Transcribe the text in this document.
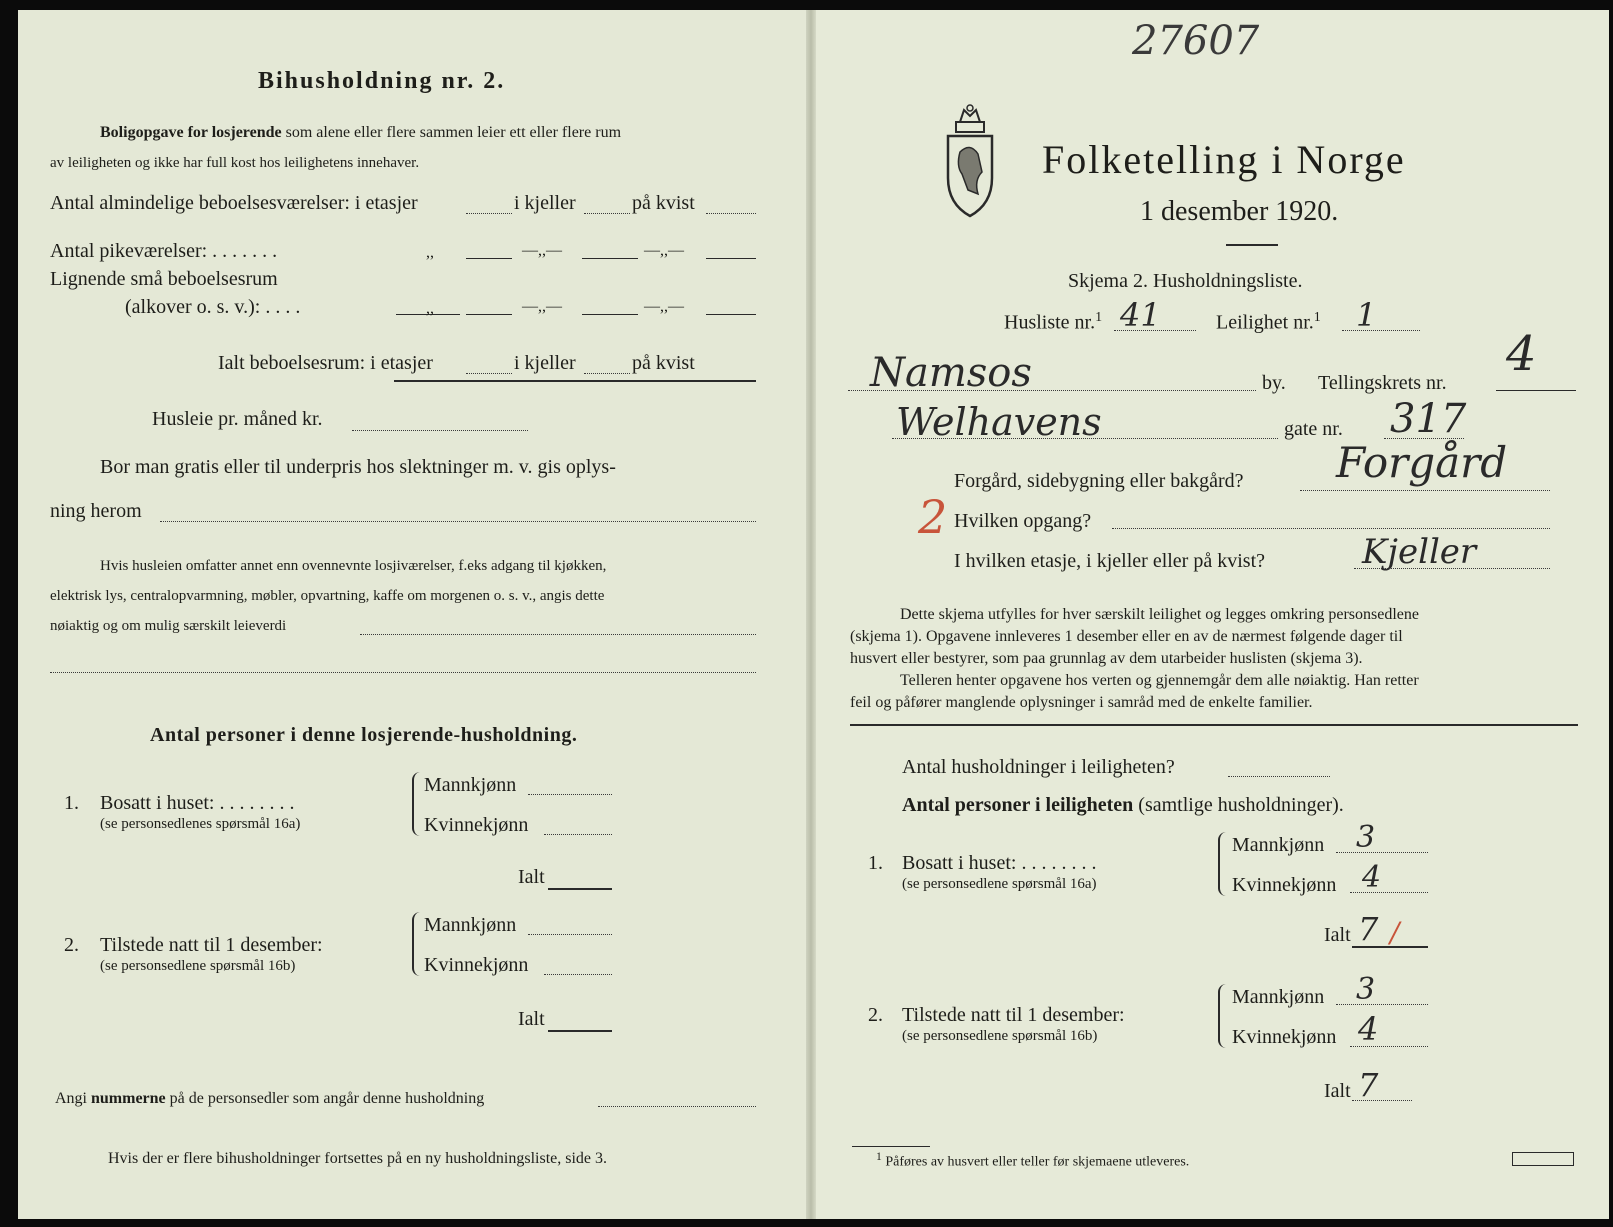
Bihusholdning nr. 2.
Boligopgave for losjerende som alene eller flere sammen leier ett eller flere rum
av leiligheten og ikke har full kost hos leilighetens innehaver.
Antal almindelige beboelsesværelser: i etasjer	i kjeller	på kvist
Antal pikeværelser: . . . . . . .	,,	—,,—	—,,—
Lignende små beboelsesrum
(alkover o. s. v.): . . . .	,,	—,,—	—,,—
Ialt beboelsesrum: i etasjer	i kjeller	på kvist
Husleie pr. måned kr.
Bor man gratis eller til underpris hos slektninger m. v. gis oplys-
ning herom
Hvis husleien omfatter annet enn ovennevnte losjiværelser, f.eks adgang til kjøkken,
elektrisk lys, centralopvarmning, møbler, opvartning, kaffe om morgenen o. s. v., angis dette
nøiaktig og om mulig særskilt leieverdi
Antal personer i denne losjerende-husholdning.
1. Bosatt i huset: . . . . . . . .
(se personsedlenes spørsmål 16a)
Mannkjønn
Kvinnekjønn
Ialt
2. Tilstede natt til 1 desember:
(se personsedlene spørsmål 16b)
Mannkjønn
Kvinnekjønn
Ialt
Angi nummerne på de personsedler som angår denne husholdning
Hvis der er flere bihusholdninger fortsettes på en ny husholdningsliste, side 3.
27607
Folketelling i Norge
1 desember 1920.
Skjema 2. Husholdningsliste.
Husliste nr.$^1$ 41	Leilighet nr.$^1$ 1
Namsos	by. Tellingskrets nr.
4
Welhavens	gate nr. 317
Forgård, sidebygning eller bakgård? Forgård
2 Hvilken opgang?
I hvilken etasje, i kjeller eller på kvist?	Kjeller
Dette skjema utfylles for hver særskilt leilighet og legges omkring personsedlene
(skjema 1). Opgavene innleveres 1 desember eller en av de nærmest følgende dager til
husvert eller bestyrer, som paa grunnlag av dem utarbeider huslisten (skjema 3).
Telleren henter opgavene hos verten og gjennemgår dem alle nøiaktig. Han retter
feil og påfører manglende oplysninger i samråd med de enkelte familier.
Antal husholdninger i leiligheten?
Antal personer i leiligheten (samtlige husholdninger).
1. Bosatt i huset: . . . . . . . .
(se personsedlene spørsmål 16a)
Mannkjønn 3
Kvinnekjønn 4
Ialt 7 /
2. Tilstede natt til 1 desember:
(se personsedlene spørsmål 16b)
Mannkjønn 3
Kvinnekjønn 4
Ialt 7
$^1$ Påføres av husvert eller teller før skjemaene utleveres.
